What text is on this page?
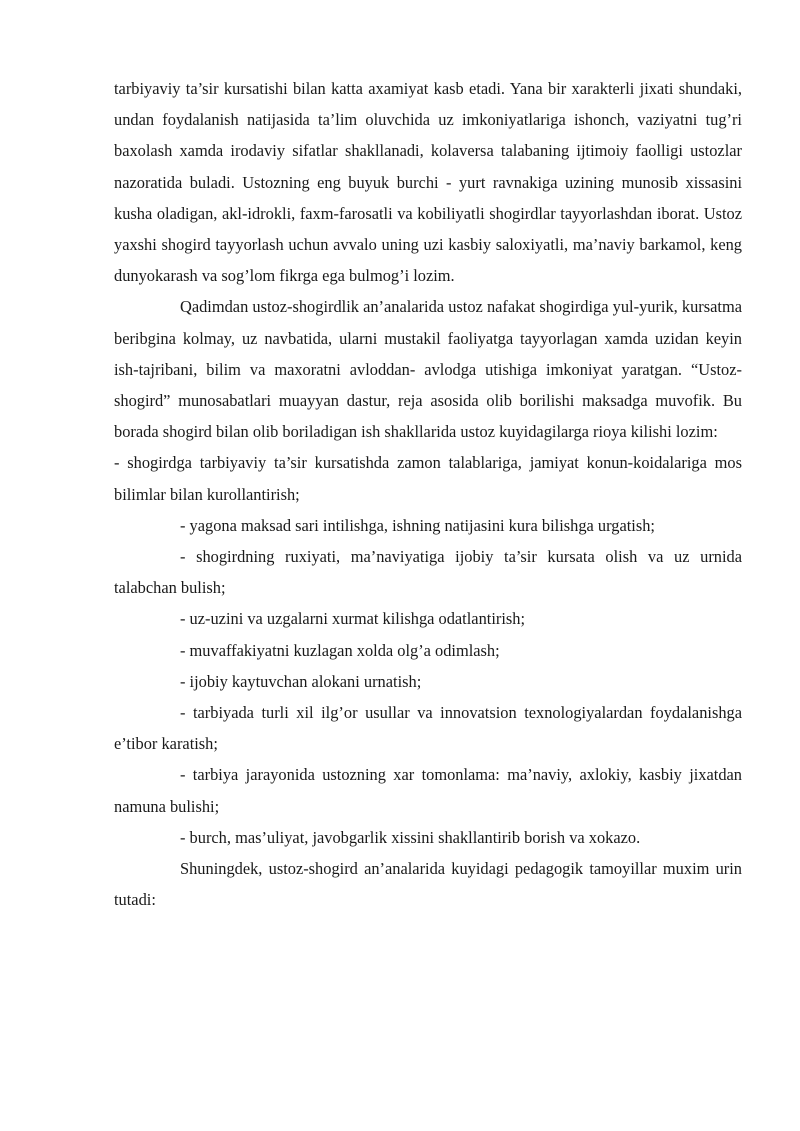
tarbiyaviy ta’sir kursatishi bilan katta axamiyat kasb etadi. Yana bir xarakterli jixati shundaki, undan foydalanish natijasida ta’lim oluvchida uz imkoniyatlariga ishonch, vaziyatni tug’ri baxolash xamda irodaviy sifatlar shakllanadi, kolaversa talabaning ijtimoiy faolligi ustozlar nazoratida buladi. Ustozning eng buyuk burchi - yurt ravnakiga uzining munosib xissasini kusha oladigan, akl-idrokli, faxm-farosatli va kobiliyatli shogirdlar tayyorlashdan iborat. Ustoz yaxshi shogird tayyorlash uchun avvalo uning uzi kasbiy saloxiyatli, ma’naviy barkamol, keng dunyokarash va sog’lom fikrga ega bulmog’i lozim.

Qadimdan ustoz-shogirdlik an’analarida ustoz nafakat shogirdiga yul-yurik, kursatma beribgina kolmay, uz navbatida, ularni mustakil faoliyatga tayyorlagan xamda uzidan keyin ish-tajribani, bilim va maxoratni avloddan- avlodga utishiga imkoniyat yaratgan. “Ustoz-shogird” munosabatlari muayyan dastur, reja asosida olib borilishi maksadga muvofik. Bu borada shogird bilan olib boriladigan ish shakllarida ustoz kuyidagilarga rioya kilishi lozim:

- shogirdga tarbiyaviy ta’sir kursatishda zamon talablariga, jamiyat konun-koidalariga mos bilimlar bilan kurollantirish;

- yagona maksad sari intilishga, ishning natijasini kura bilishga urgatish;

- shogirdning ruxiyati, ma’naviyatiga ijobiy ta’sir kursata olish va uz urnida talabchan bulish;

- uz-uzini va uzgalarni xurmat kilishga odatlantirish;

- muvaffakiyatni kuzlagan xolda olg’a odimlash;

- ijobiy kaytuvchan alokani urnatish;

- tarbiyada turli xil ilg’or usullar va innovatsion texnologiyalardan foydalanishga e’tibor karatish;

- tarbiya jarayonida ustozning xar tomonlama: ma’naviy, axlokiy, kasbiy jixatdan namuna bulishi;

- burch, mas’uliyat, javobgarlik xissini shakllantirib borish va xokazo.

Shuningdek, ustoz-shogird an’analarida kuyidagi pedagogik tamoyillar muxim urin tutadi:
